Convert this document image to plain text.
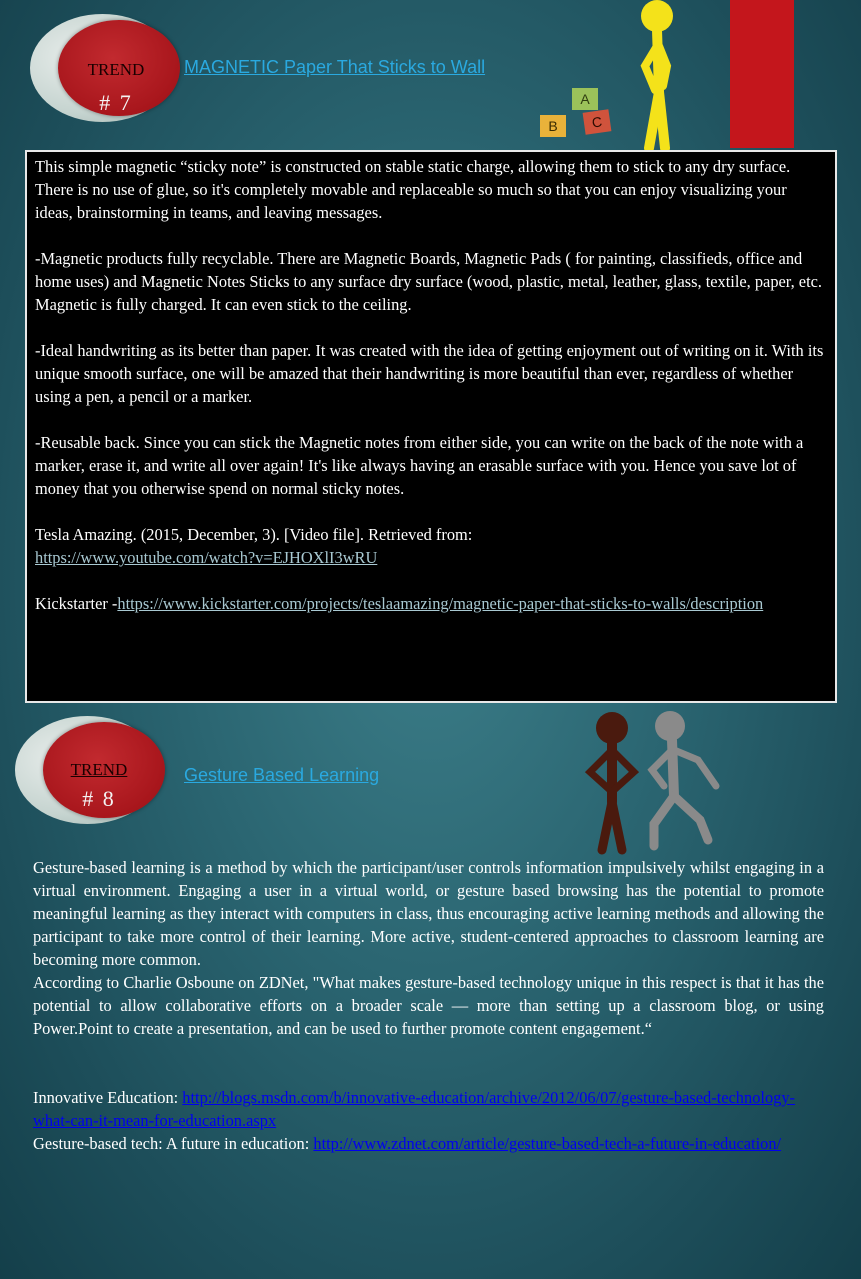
TREND
# 7
MAGNETIC Paper That Sticks to Wall
A
B	C

This simple magnetic “sticky note” is constructed on stable static charge, allowing them to stick to any dry surface. There is no use of glue, so it's completely movable and replaceable so much so that you can enjoy visualizing your ideas, brainstorming in teams, and leaving messages.

-Magnetic products fully recyclable. There are Magnetic Boards, Magnetic Pads ( for painting, classifieds, office and home uses) and Magnetic Notes Sticks to any surface dry surface (wood, plastic, metal, leather, glass, textile, paper, etc. Magnetic is fully charged. It can even stick to the ceiling.

-Ideal handwriting as its better than paper. It was created with the idea of getting enjoyment out of writing on it. With its unique smooth surface, one will be amazed that their handwriting is more beautiful than ever, regardless of whether using a pen, a pencil or a marker.

-Reusable back. Since you can stick the Magnetic notes from either side, you can write on the back of the note with a marker, erase it, and write all over again! It's like always having an erasable surface with you. Hence you save lot of money that you otherwise spend on normal sticky notes.

Tesla Amazing. (2015, December, 3). [Video file]. Retrieved from:
https://www.youtube.com/watch?v=EJHOXlI3wRU

Kickstarter -https://www.kickstarter.com/projects/teslaamazing/magnetic-paper-that-sticks-to-walls/description

TREND
# 8
Gesture Based Learning

Gesture-based learning is a method by which the participant/user controls information impulsively whilst engaging in a virtual environment. Engaging a user in a virtual world, or gesture based browsing has the potential to promote meaningful learning as they interact with computers in class, thus encouraging active learning methods and allowing the participant to take more control of their learning. More active, student-centered approaches to classroom learning are becoming more common.

According to Charlie Osboune on ZDNet, "What makes gesture-based technology unique in this respect is that it has the potential to allow collaborative efforts on a broader scale — more than setting up a classroom blog, or using Power.Point to create a presentation, and can be used to further promote content engagement.“

Innovative Education: http://blogs.msdn.com/b/innovative-education/archive/2012/06/07/gesture-based-technology-what-can-it-mean-for-education.aspx

Gesture-based tech: A future in education: http://www.zdnet.com/article/gesture-based-tech-a-future-in-education/
